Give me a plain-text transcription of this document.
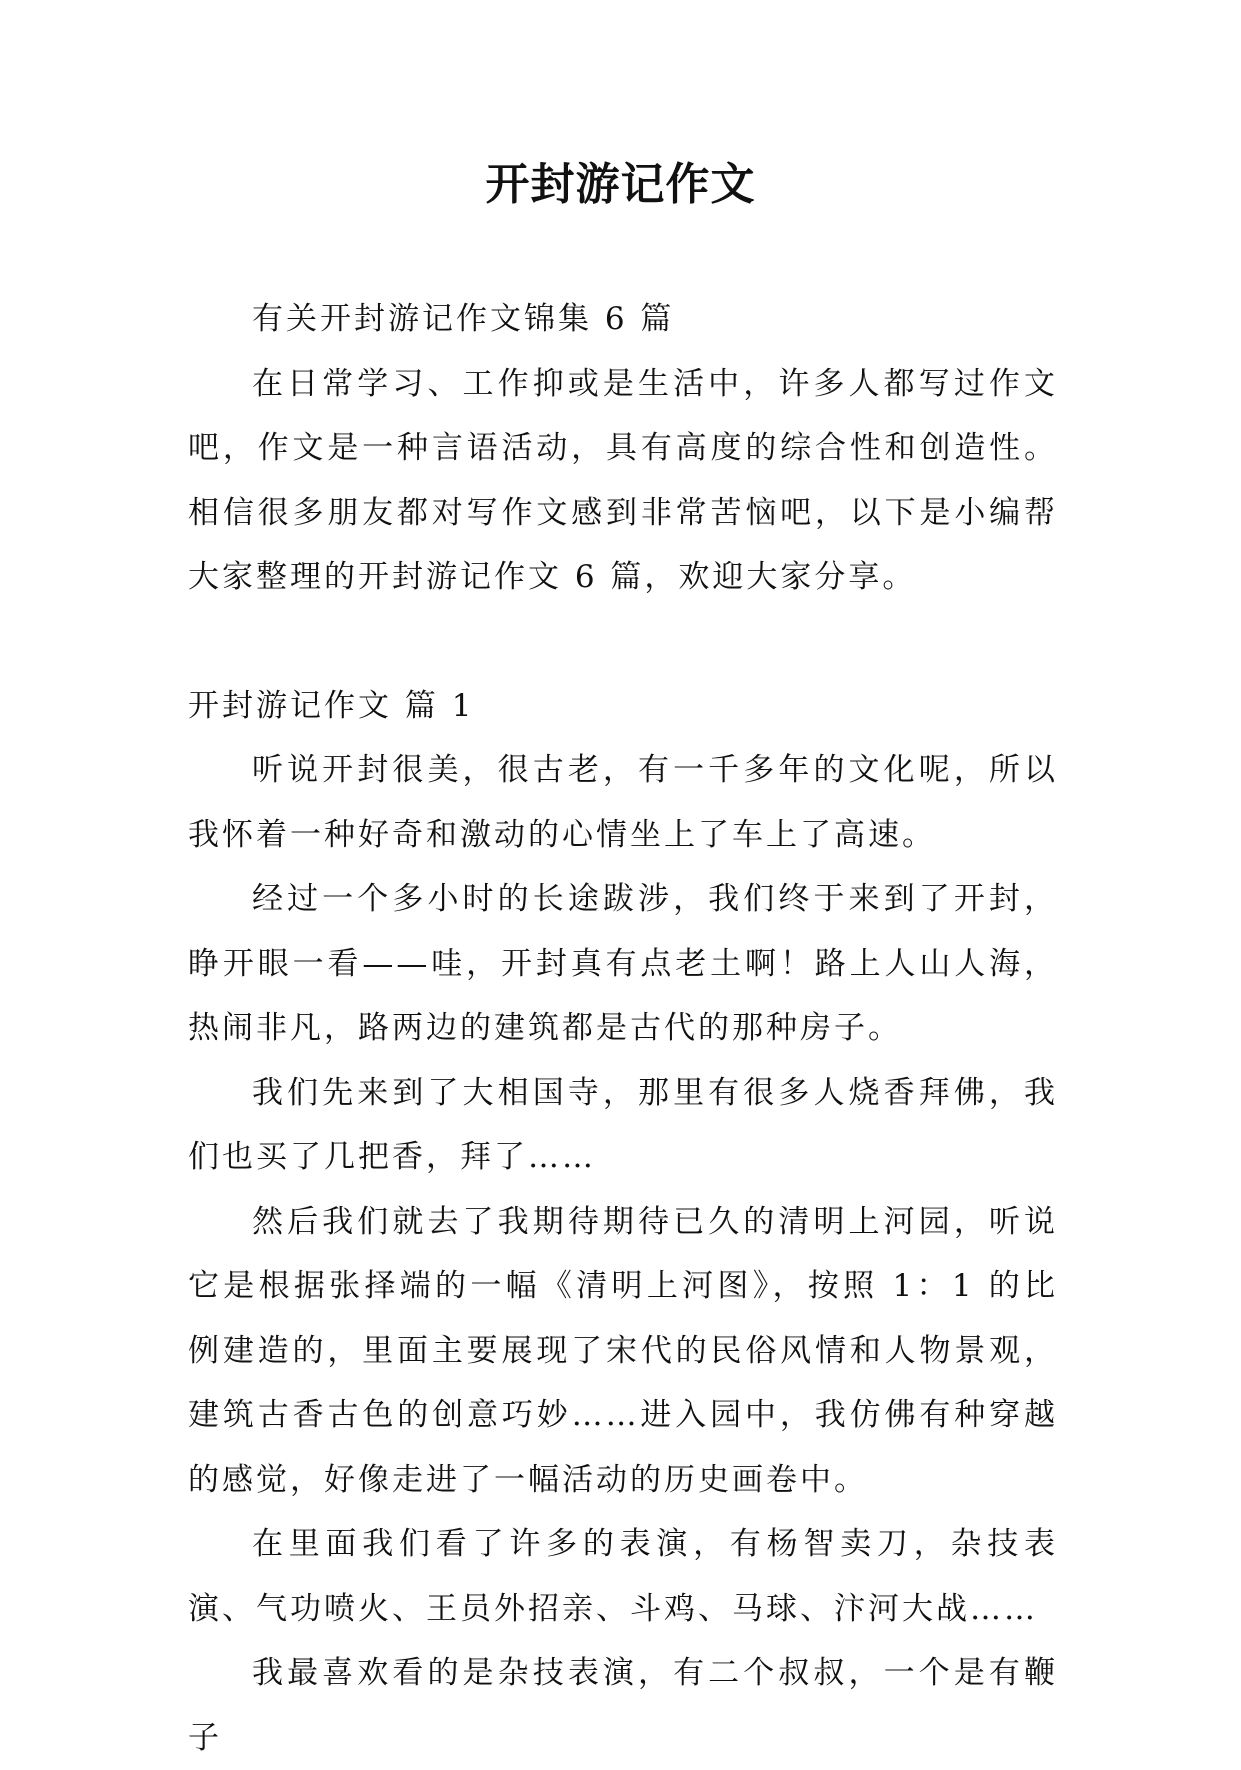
开封游记作文

有关开封游记作文锦集 6 篇

在日常学习、工作抑或是生活中，许多人都写过作文吧，作文是一种言语活动，具有高度的综合性和创造性。相信很多朋友都对写作文感到非常苦恼吧，以下是小编帮大家整理的开封游记作文 6 篇，欢迎大家分享。

开封游记作文 篇 1

听说开封很美，很古老，有一千多年的文化呢，所以我怀着一种好奇和激动的心情坐上了车上了高速。

经过一个多小时的长途跋涉，我们终于来到了开封，睁开眼一看——哇，开封真有点老土啊！路上人山人海，热闹非凡，路两边的建筑都是古代的那种房子。

我们先来到了大相国寺，那里有很多人烧香拜佛，我们也买了几把香，拜了……

然后我们就去了我期待期待已久的清明上河园，听说它是根据张择端的一幅《清明上河图》，按照 1：1 的比例建造的，里面主要展现了宋代的民俗风情和人物景观，建筑古香古色的创意巧妙……进入园中，我仿佛有种穿越的感觉，好像走进了一幅活动的历史画卷中。

在里面我们看了许多的表演，有杨智卖刀，杂技表演、气功喷火、王员外招亲、斗鸡、马球、汴河大战……

我最喜欢看的是杂技表演，有二个叔叔，一个是有鞭子
